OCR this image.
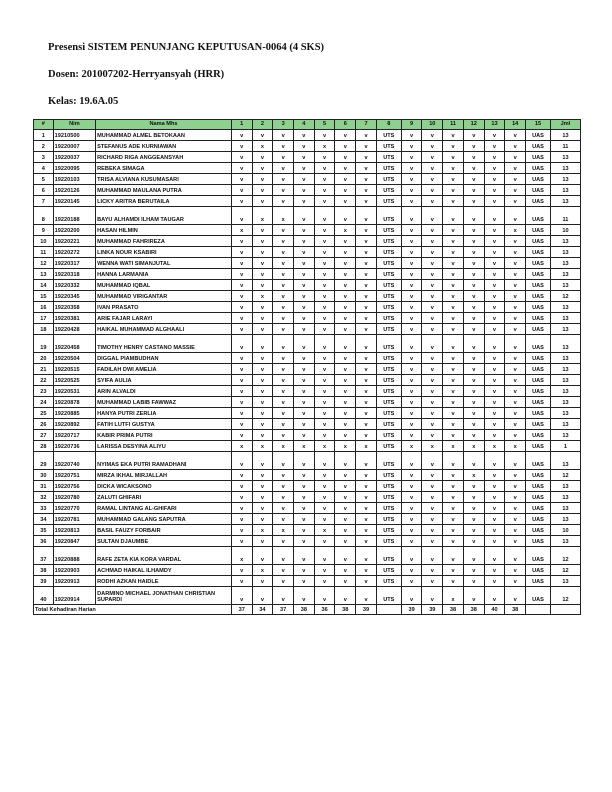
Presensi SISTEM PENUNJANG KEPUTUSAN-0064 (4 SKS)
Dosen: 201007202-Herryansyah (HRR)
Kelas: 19.6A.05
#	Nim	Nama Mhs	1	2	3	4	5	6	7	8	9	10	11	12	13	14	15	Jml
1	19210500	MUHAMMAD ALMEL BETOKAAN	v	v	v	v	v	v	v	UTS	v	v	v	v	v	v	UAS	13
2	19220007	STEFANUS ADE KURNIAWAN	v	x	v	v	x	v	v	UTS	v	v	v	v	v	v	UAS	11
3	19220037	RICHARD RIGA ANGGEANSYAH	v	v	v	v	v	v	v	UTS	v	v	v	v	v	v	UAS	13
4	19220095	REBEKA SIMAGA	v	v	v	v	v	v	v	UTS	v	v	v	v	v	v	UAS	13
5	19220103	TRISA ALVIANA KUSUMASARI	v	v	v	v	v	v	v	UTS	v	v	v	v	v	v	UAS	13
6	19220126	MUHAMMAD MAULANA PUTRA	v	v	v	v	v	v	v	UTS	v	v	v	v	v	v	UAS	13
7	19220145	LICKY ARITRA BERUTAILA	v	v	v	v	v	v	v	UTS	v	v	v	v	v	v	UAS	13
8	19220188	BAYU ALHAMDI ILHAM TAUGAR	v	x	x	v	v	v	v	UTS	v	v	v	v	v	v	UAS	11
9	19220200	HASAN HILMIN	x	v	v	v	v	x	v	UTS	v	v	v	v	v	x	UAS	10
10	19220221	MUHAMMAD FAHRIREZA	v	v	v	v	v	v	v	UTS	v	v	v	v	v	v	UAS	13
11	19220272	LINKA NOUR KSABIRI	v	v	v	v	v	v	v	UTS	v	v	v	v	v	v	UAS	13
12	19220317	WENNA WATI SIMANJUTAL	v	v	v	v	v	v	v	UTS	v	v	v	v	v	v	UAS	13
13	19220318	HANNA LARMANIA	v	v	v	v	v	v	v	UTS	v	v	v	v	v	v	UAS	13
14	19220332	MUHAMMAD IQBAL	v	v	v	v	v	v	v	UTS	v	v	v	v	v	v	UAS	13
15	19220345	MUHAMMAD VIRIGANTAR	v	x	v	v	v	v	v	UTS	v	v	v	v	v	v	UAS	12
16	19220358	IVAN PRASATO	v	v	v	v	v	v	v	UTS	v	v	v	v	v	v	UAS	13
17	19220381	ARIE FAJAR LARAYI	v	v	v	v	v	v	v	UTS	v	v	v	v	v	v	UAS	13
18	19220428	HAIKAL MUHAMMAD ALGHAALI	v	v	v	v	v	v	v	UTS	v	v	v	v	v	v	UAS	13
19	19220458	TIMOTHY HENRY CASTANO MASSIE	v	v	v	v	v	v	v	UTS	v	v	v	v	v	v	UAS	13
20	19220504	DIGGAL PIAMBUDHAN	v	v	v	v	v	v	v	UTS	v	v	v	v	v	v	UAS	13
21	19220515	FADILAH DWI AMELIA	v	v	v	v	v	v	v	UTS	v	v	v	v	v	v	UAS	13
22	19220525	SYIFA AULIA	v	v	v	v	v	v	v	UTS	v	v	v	v	v	v	UAS	13
23	19220531	ARIN ALVALDI	v	v	v	v	v	v	v	UTS	v	v	v	v	v	v	UAS	13
24	19220878	MUHAMMAD LABIB FAWWAZ	v	v	v	v	v	v	v	UTS	v	v	v	v	v	v	UAS	13
25	19220885	HANYA PUTRI ZERLIA	v	v	v	v	v	v	v	UTS	v	v	v	v	v	v	UAS	13
26	19220892	FATIH LUTFI GUSTYA	v	v	v	v	v	v	v	UTS	v	v	v	v	v	v	UAS	13
27	19220717	KABIR PRIMA PUTRI	v	v	v	v	v	v	v	UTS	v	v	v	v	v	v	UAS	13
28	19220736	LARISSA DESYINA ALIYU	x	x	x	x	x	x	x	UTS	x	x	x	x	x	x	UAS	1
29	19220740	NYIMAS EKA PUTRI RAMADHANI	v	v	v	v	v	v	v	UTS	v	v	v	v	v	v	UAS	13
30	19220751	MIRZA IKHAL MIRJALLAH	v	v	v	v	v	v	v	UTS	v	v	v	x	v	v	UAS	12
31	19220756	DICKA WICAKSONO	v	v	v	v	v	v	v	UTS	v	v	v	v	v	v	UAS	13
32	19220780	ZALUTI GHIFARI	v	v	v	v	v	v	v	UTS	v	v	v	v	v	v	UAS	13
33	19220770	RAMAL LINTANG AL-GHIFARI	v	v	v	v	v	v	v	UTS	v	v	v	v	v	v	UAS	13
34	19220781	MUHAMMAD GALANG SAPUTRA	v	v	v	v	v	v	v	UTS	v	v	v	v	v	v	UAS	13
35	19220813	BASIL FAUZY FORBAIR	v	x	x	v	x	v	v	UTS	v	v	v	v	v	v	UAS	10
36	19220847	SULTAN DJAUMBE	v	v	v	v	v	v	v	UTS	v	v	v	v	v	v	UAS	13
37	19220888	RAFE ZETA KIA KORA VARDAL	x	v	v	v	v	v	v	UTS	v	v	v	v	v	v	UAS	12
38	19220903	ACHMAD HAIKAL ILHAMDY	v	x	v	v	v	v	v	UTS	v	v	v	v	v	v	UAS	12
39	19220913	RODHI AZKAN HAIDLE	v	v	v	v	v	v	v	UTS	v	v	v	v	v	v	UAS	13
40	19220914	DARMINO MICHAEL JONATHAN CHRISTIAN SUPARDI	v	v	v	v	v	v	v	UTS	v	v	x	v	v	v	UAS	12
Total Kehadiran Harian			37	34	37	38	36	38	39		39	39	38	38	40	38		
